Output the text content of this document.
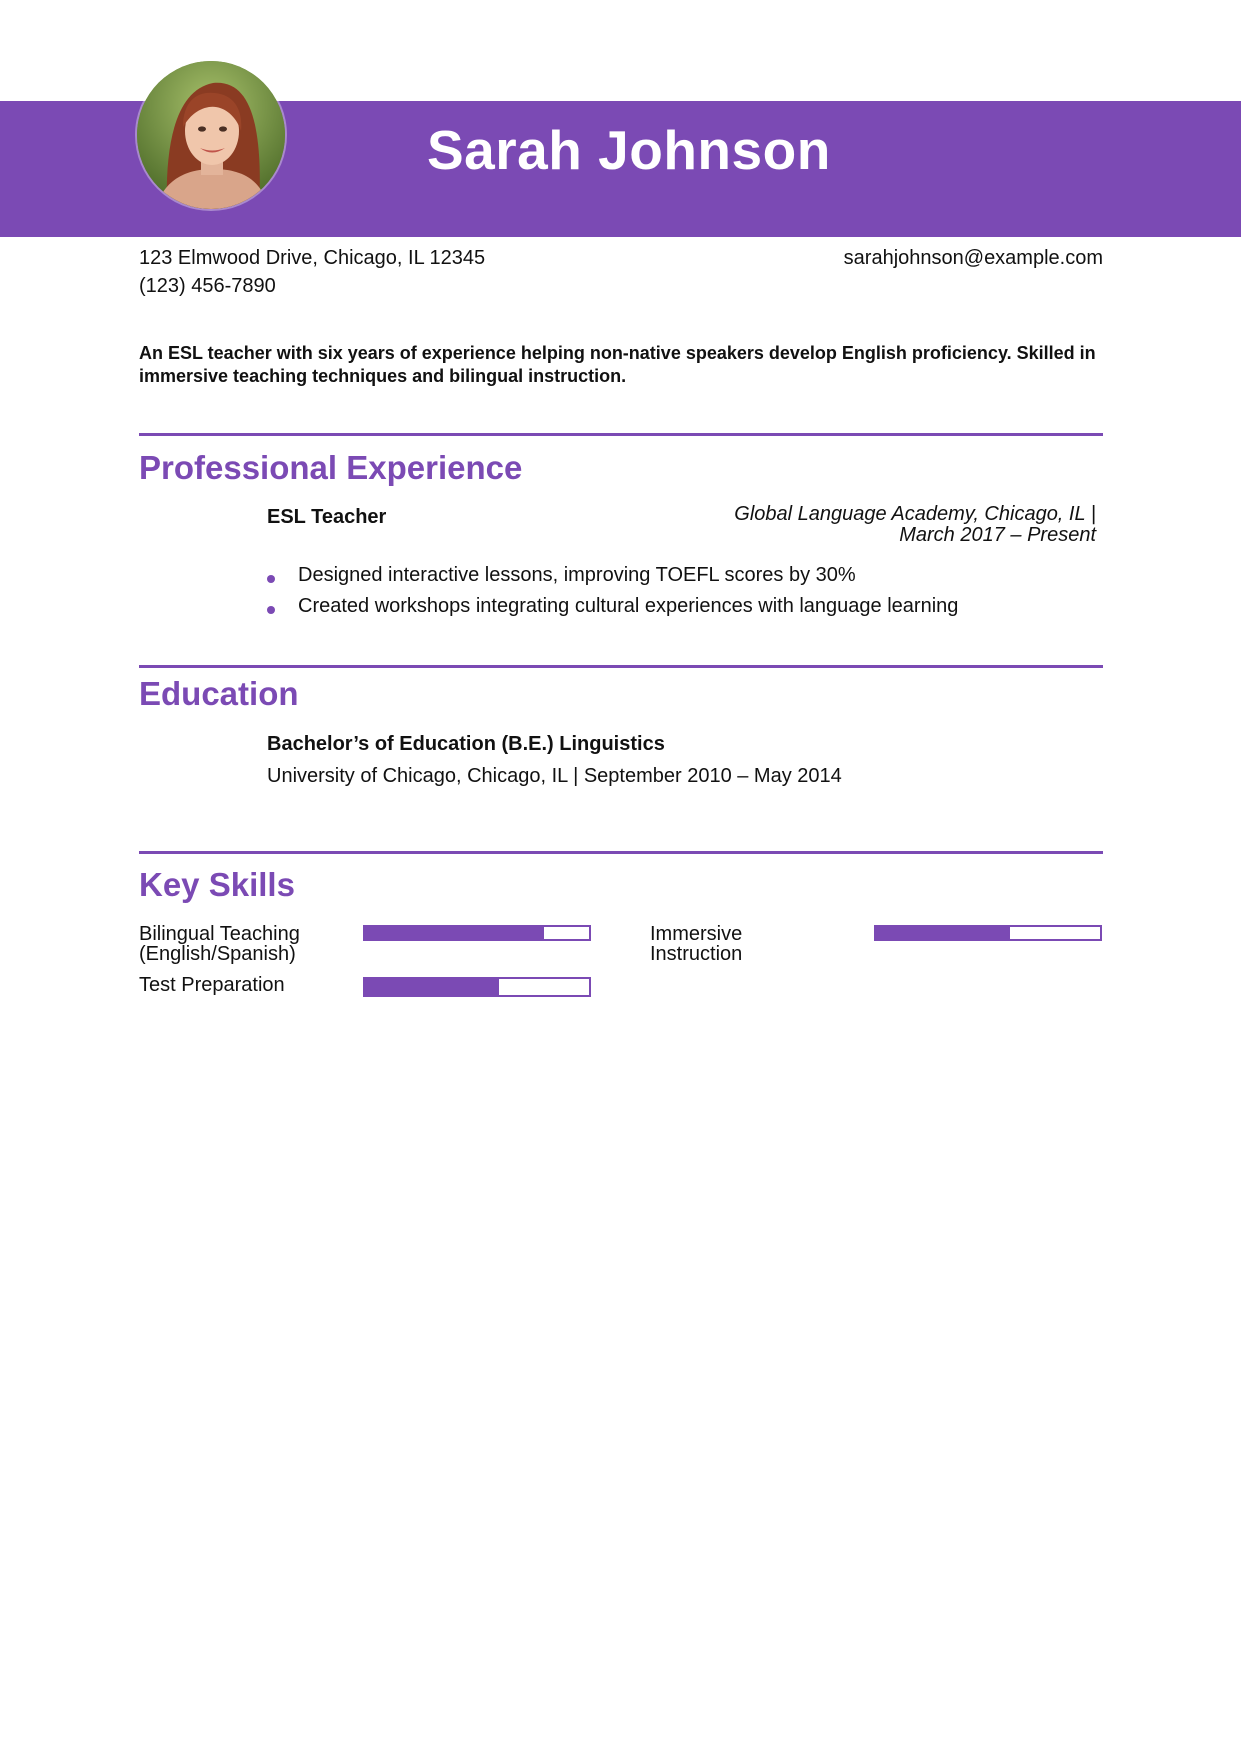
Sarah Johnson
123 Elmwood Drive, Chicago, IL 12345
(123) 456-7890
sarahjohnson@example.com
An ESL teacher with six years of experience helping non-native speakers develop English proficiency. Skilled in immersive teaching techniques and bilingual instruction.
Professional Experience
ESL Teacher	Global Language Academy, Chicago, IL |
March 2017 – Present
Designed interactive lessons, improving TOEFL scores by 30%
Created workshops integrating cultural experiences with language learning
Education
Bachelor’s of Education (B.E.) Linguistics
University of Chicago, Chicago, IL | September 2010 – May 2014
Key Skills
Bilingual Teaching
(English/Spanish)
Immersive
Instruction
Test Preparation
